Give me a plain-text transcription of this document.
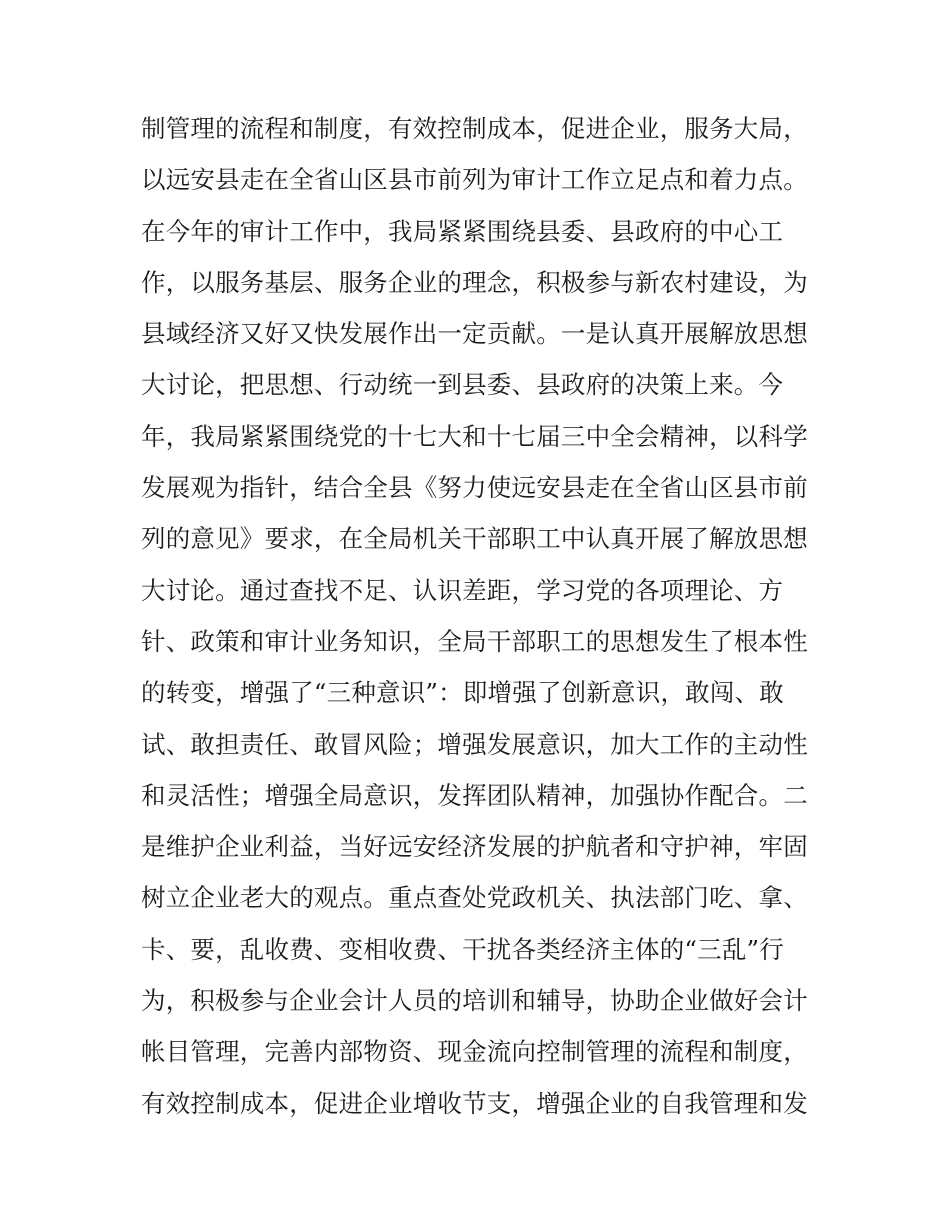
制管理的流程和制度，有效控制成本，促进企业，服务大局，
以远安县走在全省山区县市前列为审计工作立足点和着力点。
在今年的审计工作中，我局紧紧围绕县委、县政府的中心工
作，以服务基层、服务企业的理念，积极参与新农村建设，为
县域经济又好又快发展作出一定贡献。一是认真开展解放思想
大讨论，把思想、行动统一到县委、县政府的决策上来。今
年，我局紧紧围绕党的十七大和十七届三中全会精神，以科学
发展观为指针，结合全县《努力使远安县走在全省山区县市前
列的意见》要求，在全局机关干部职工中认真开展了解放思想
大讨论。通过查找不足、认识差距，学习党的各项理论、方
针、政策和审计业务知识，全局干部职工的思想发生了根本性
的转变，增强了“三种意识”：即增强了创新意识，敢闯、敢
试、敢担责任、敢冒风险；增强发展意识，加大工作的主动性
和灵活性；增强全局意识，发挥团队精神，加强协作配合。二
是维护企业利益，当好远安经济发展的护航者和守护神，牢固
树立企业老大的观点。重点查处党政机关、执法部门吃、拿、
卡、要，乱收费、变相收费、干扰各类经济主体的“三乱”行
为，积极参与企业会计人员的培训和辅导，协助企业做好会计
帐目管理，完善内部物资、现金流向控制管理的流程和制度，
有效控制成本，促进企业增收节支，增强企业的自我管理和发
